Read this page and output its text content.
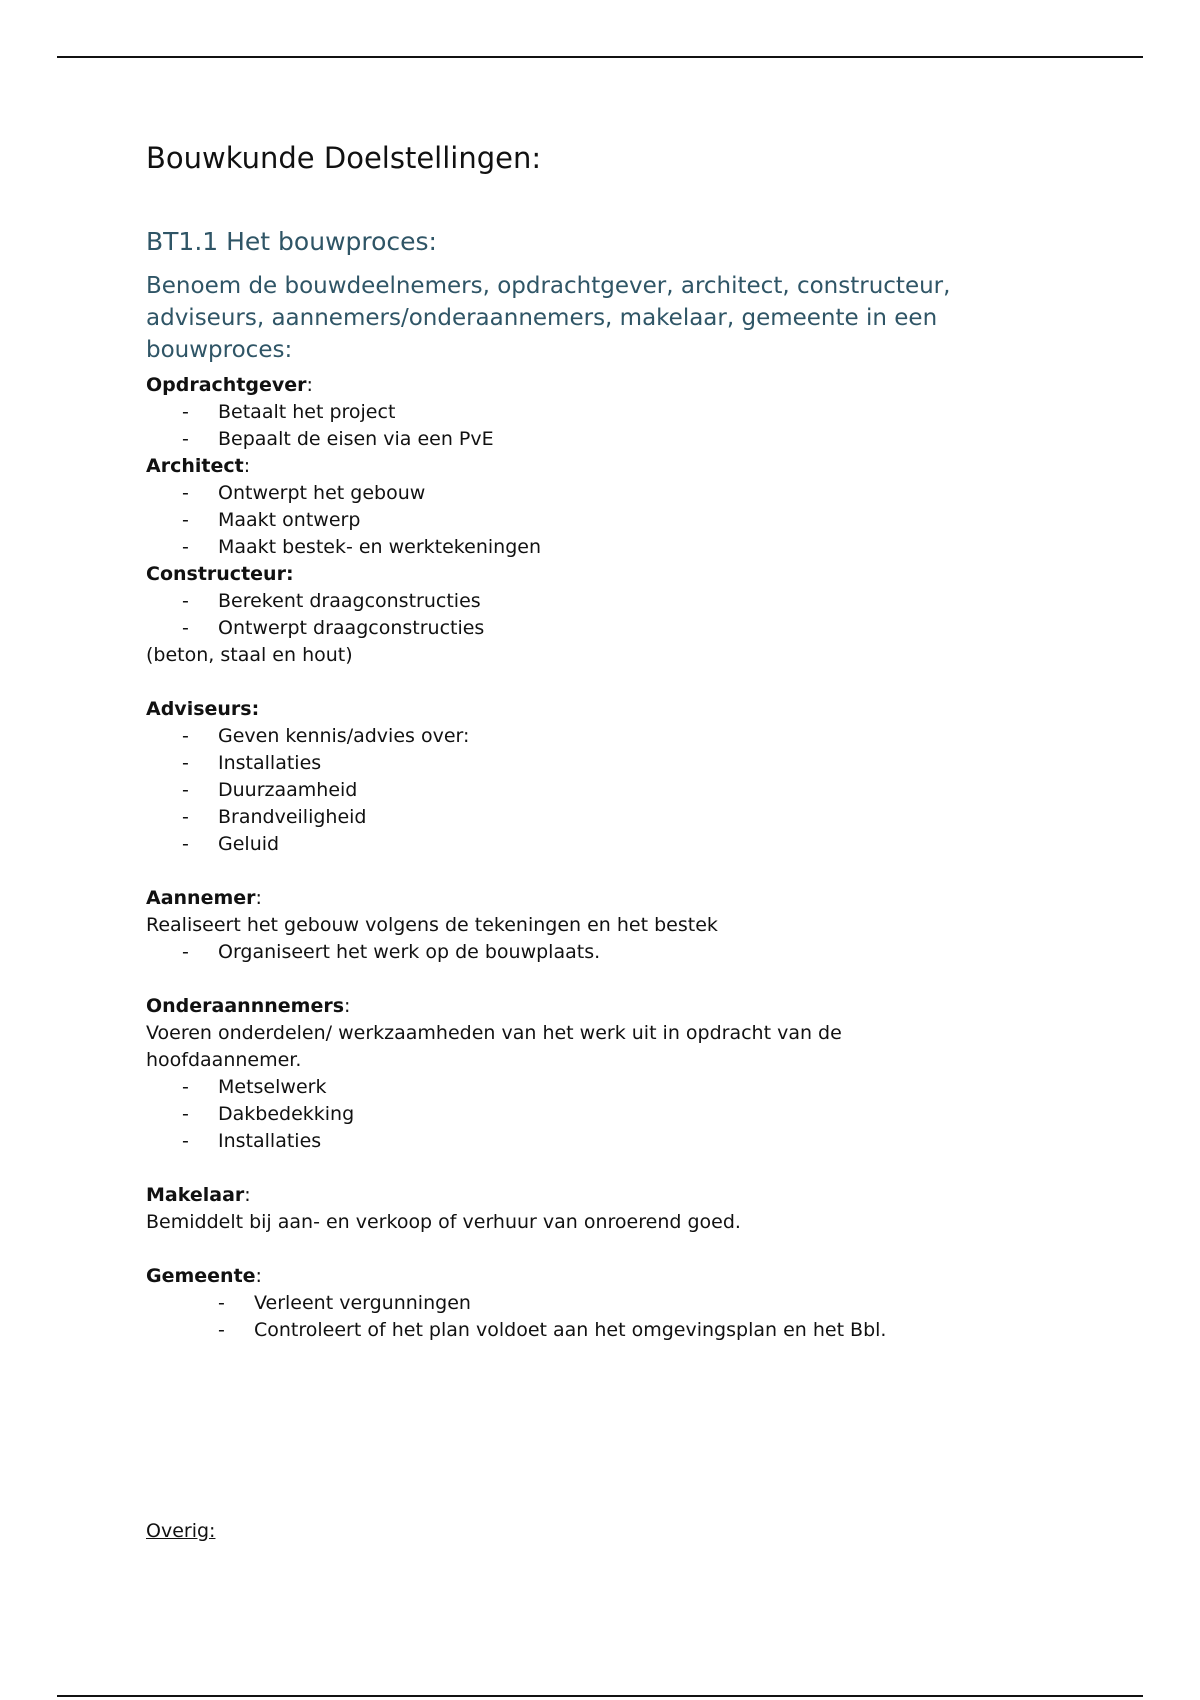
Bouwkunde Doelstellingen:
BT1.1 Het bouwproces:
Benoem de bouwdeelnemers, opdrachtgever, architect, constructeur, adviseurs, aannemers/onderaannemers, makelaar, gemeente in een bouwproces:
Opdrachtgever:
- Betaalt het project
- Bepaalt de eisen via een PvE
Architect:
- Ontwerpt het gebouw
- Maakt ontwerp
- Maakt bestek- en werktekeningen
Constructeur:
- Berekent draagconstructies
- Ontwerpt draagconstructies
(beton, staal en hout)
Adviseurs:
- Geven kennis/advies over:
- Installaties
- Duurzaamheid
- Brandveiligheid
- Geluid
Aannemer:
Realiseert het gebouw volgens de tekeningen en het bestek
- Organiseert het werk op de bouwplaats.
Onderaannnemers:
Voeren onderdelen/ werkzaamheden van het werk uit in opdracht van de hoofdaannemer.
- Metselwerk
- Dakbedekking
- Installaties
Makelaar:
Bemiddelt bij aan- en verkoop of verhuur van onroerend goed.
Gemeente:
- Verleent vergunningen
- Controleert of het plan voldoet aan het omgevingsplan en het Bbl.
Overig:
